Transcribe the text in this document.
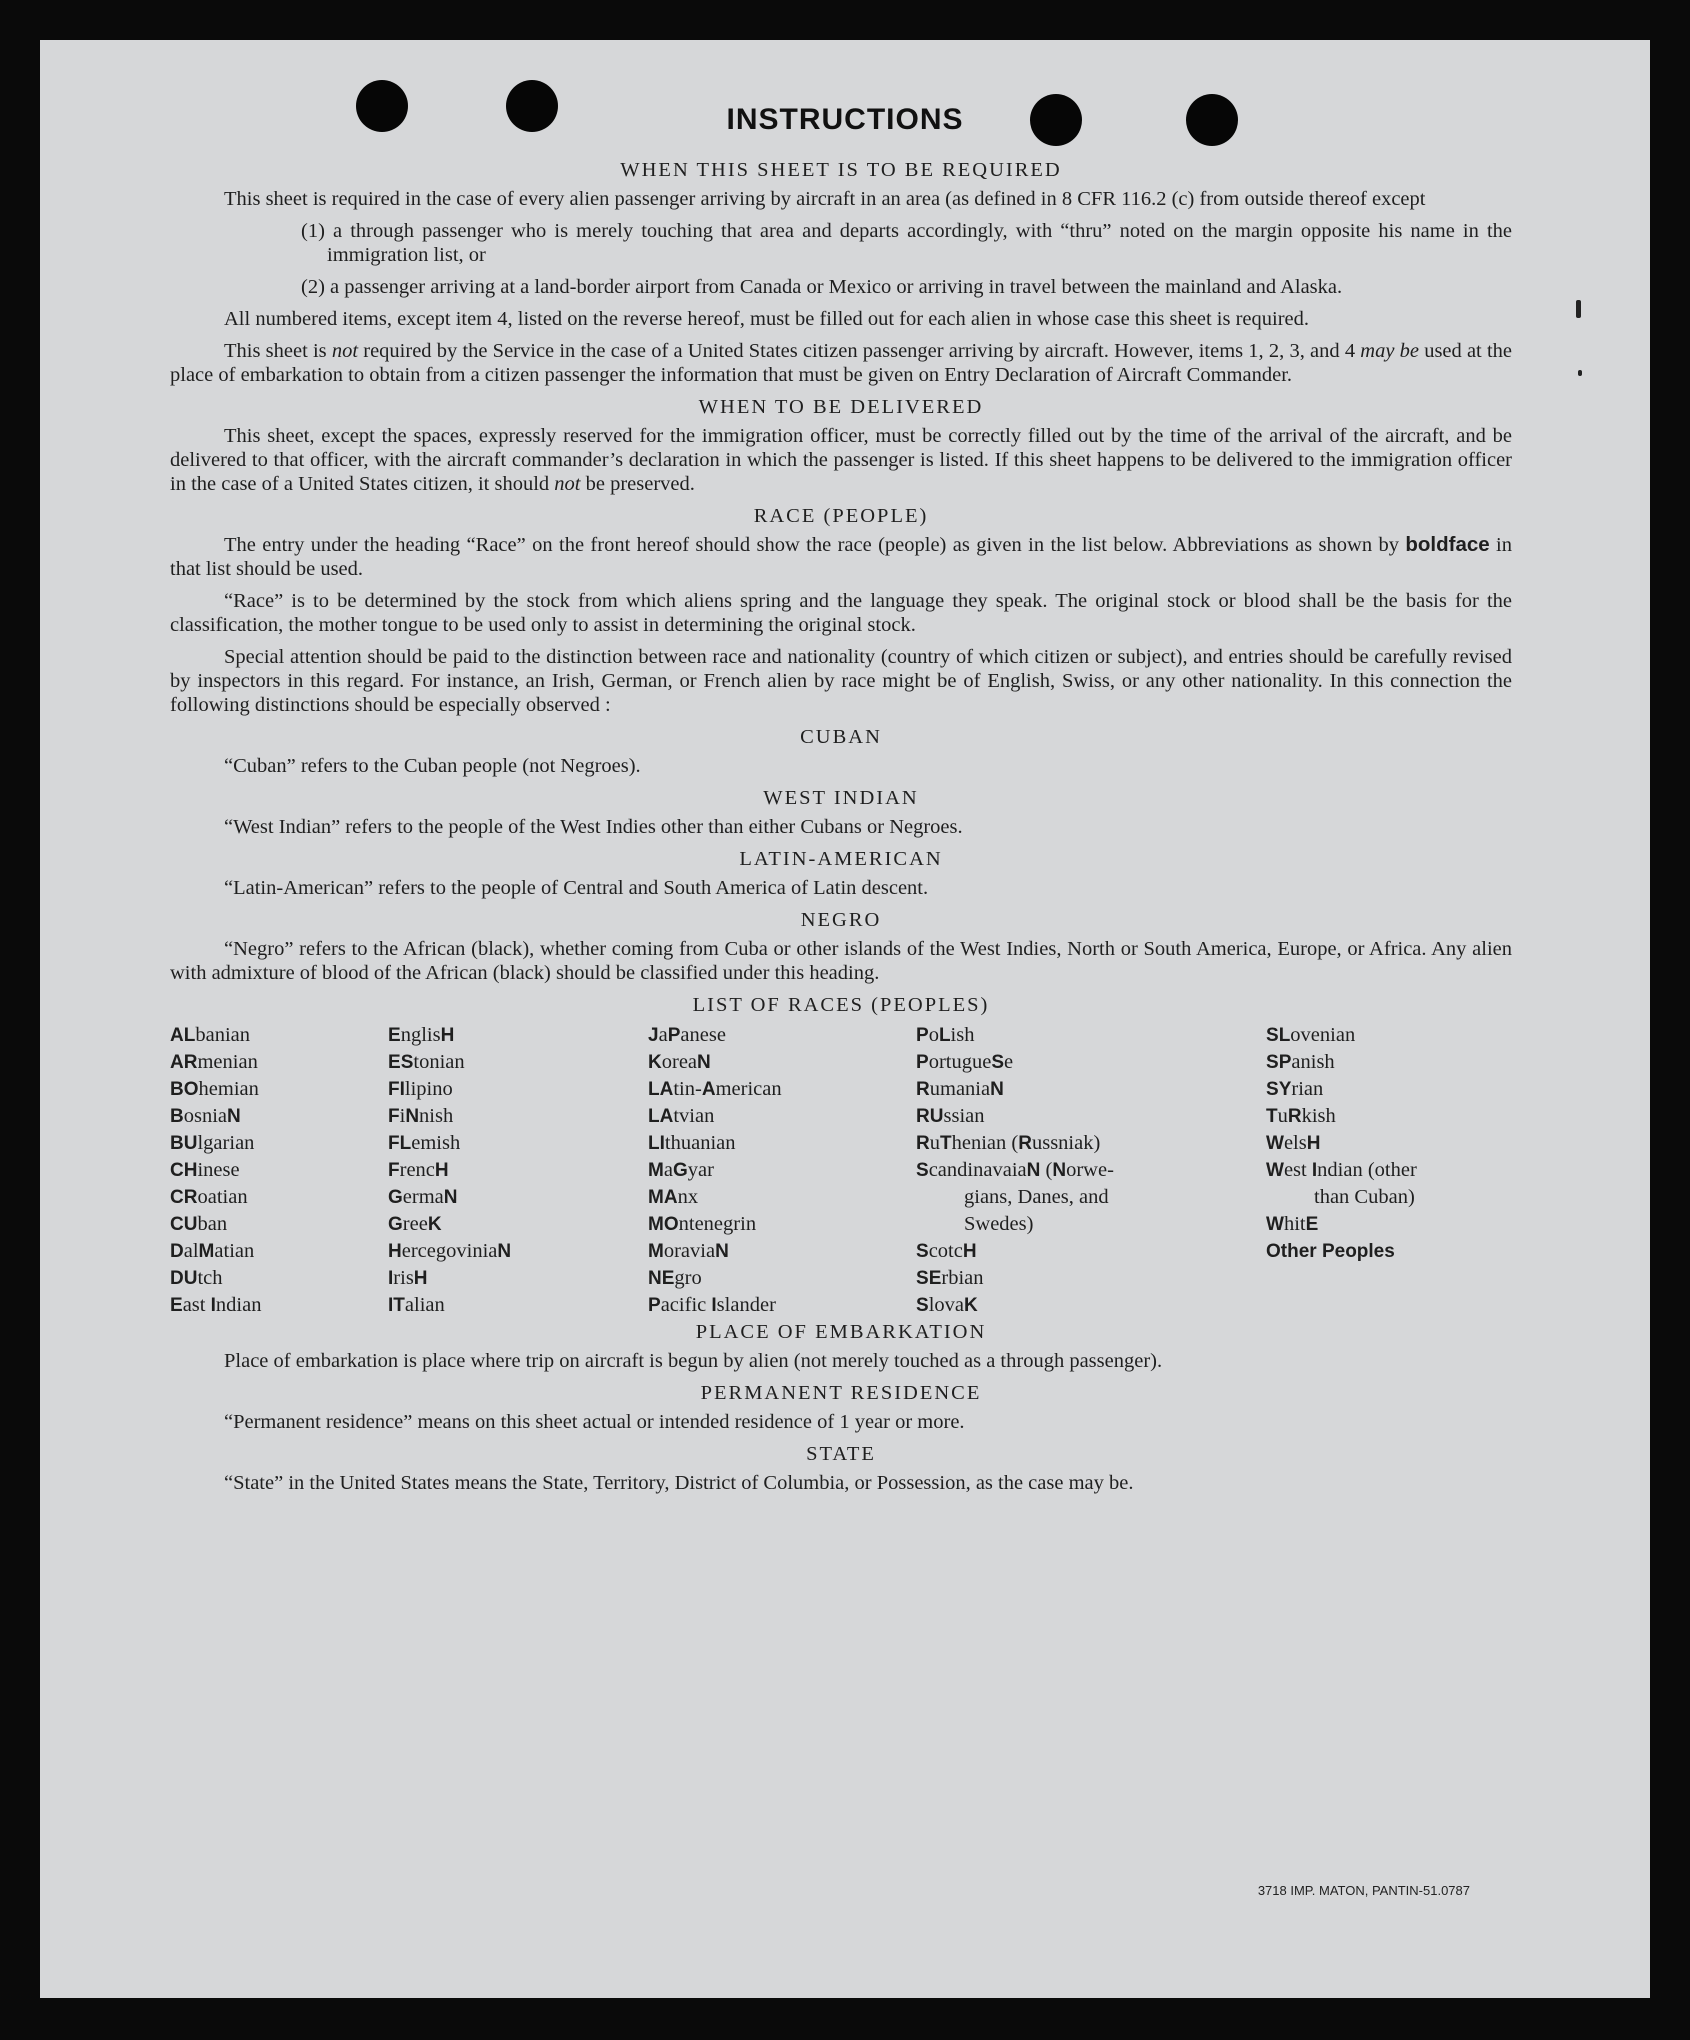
INSTRUCTIONS
WHEN THIS SHEET IS TO BE REQUIRED

This sheet is required in the case of every alien passenger arriving by aircraft in an area (as defined in 8 CFR 116.2 (c) from outside thereof except

(1) a through passenger who is merely touching that area and departs accordingly, with “thru” noted on the margin opposite his name in the immigration list, or
(2) a passenger arriving at a land-border airport from Canada or Mexico or arriving in travel between the mainland and Alaska.

All numbered items, except item 4, listed on the reverse hereof, must be filled out for each alien in whose case this sheet is required.

This sheet is not required by the Service in the case of a United States citizen passenger arriving by aircraft. However, items 1, 2, 3, and 4 may be used at the place of embarkation to obtain from a citizen passenger the information that must be given on Entry Declaration of Aircraft Commander.

WHEN TO BE DELIVERED

This sheet, except the spaces, expressly reserved for the immigration officer, must be correctly filled out by the time of the arrival of the aircraft, and be delivered to that officer, with the aircraft commander’s declaration in which the passenger is listed. If this sheet happens to be delivered to the immigration officer in the case of a United States citizen, it should not be preserved.

RACE (PEOPLE)

The entry under the heading “Race” on the front hereof should show the race (people) as given in the list below. Abbreviations as shown by boldface in that list should be used.

“Race” is to be determined by the stock from which aliens spring and the language they speak. The original stock or blood shall be the basis for the classification, the mother tongue to be used only to assist in determining the original stock.

Special attention should be paid to the distinction between race and nationality (country of which citizen or subject), and entries should be carefully revised by inspectors in this regard. For instance, an Irish, German, or French alien by race might be of English, Swiss, or any other nationality. In this connection the following distinctions should be especially observed :

CUBAN

“Cuban” refers to the Cuban people (not Negroes).

WEST INDIAN

“West Indian” refers to the people of the West Indies other than either Cubans or Negroes.

LATIN-AMERICAN

“Latin-American” refers to the people of Central and South America of Latin descent.

NEGRO

“Negro” refers to the African (black), whether coming from Cuba or other islands of the West Indies, North or South America, Europe, or Africa. Any alien with admixture of blood of the African (black) should be classified under this heading.

LIST OF RACES (PEOPLES)
ALbanian
ARmenian
BOhemian
BosniaN
BUlgarian
CHinese
CRoatian
CUban
DalMatian
DUtch
East Indian
EnglisH
EStonian
FIlipino
FiNnish
FLemish
FrencH
GermaN
GreeK
HercegoviniaN
IrisH
ITalian
JaPanese
KoreaN
LAtin-American
LAtvian
LIthuanian
MaGyar
MAnx
MOntenegrin
MoraviaN
NEgro
Pacific Islander
PoLish
PortugueSe
RumaniaN
RUssian
RuThenian (Russniak)
ScandinavaiaN (Norwe-
gians, Danes, and
Swedes)
ScotcH
SErbian
SlovaK
SLovenian
SPanish
SYrian
TuRkish
WelsH
West Indian (other
than Cuban)
WhitE
Other Peoples
PLACE OF EMBARKATION

Place of embarkation is place where trip on aircraft is begun by alien (not merely touched as a through passenger).

PERMANENT RESIDENCE

“Permanent residence” means on this sheet actual or intended residence of 1 year or more.

STATE

“State” in the United States means the State, Territory, District of Columbia, or Possession, as the case may be.

3718 IMP. MATON, PANTIN-51.0787
